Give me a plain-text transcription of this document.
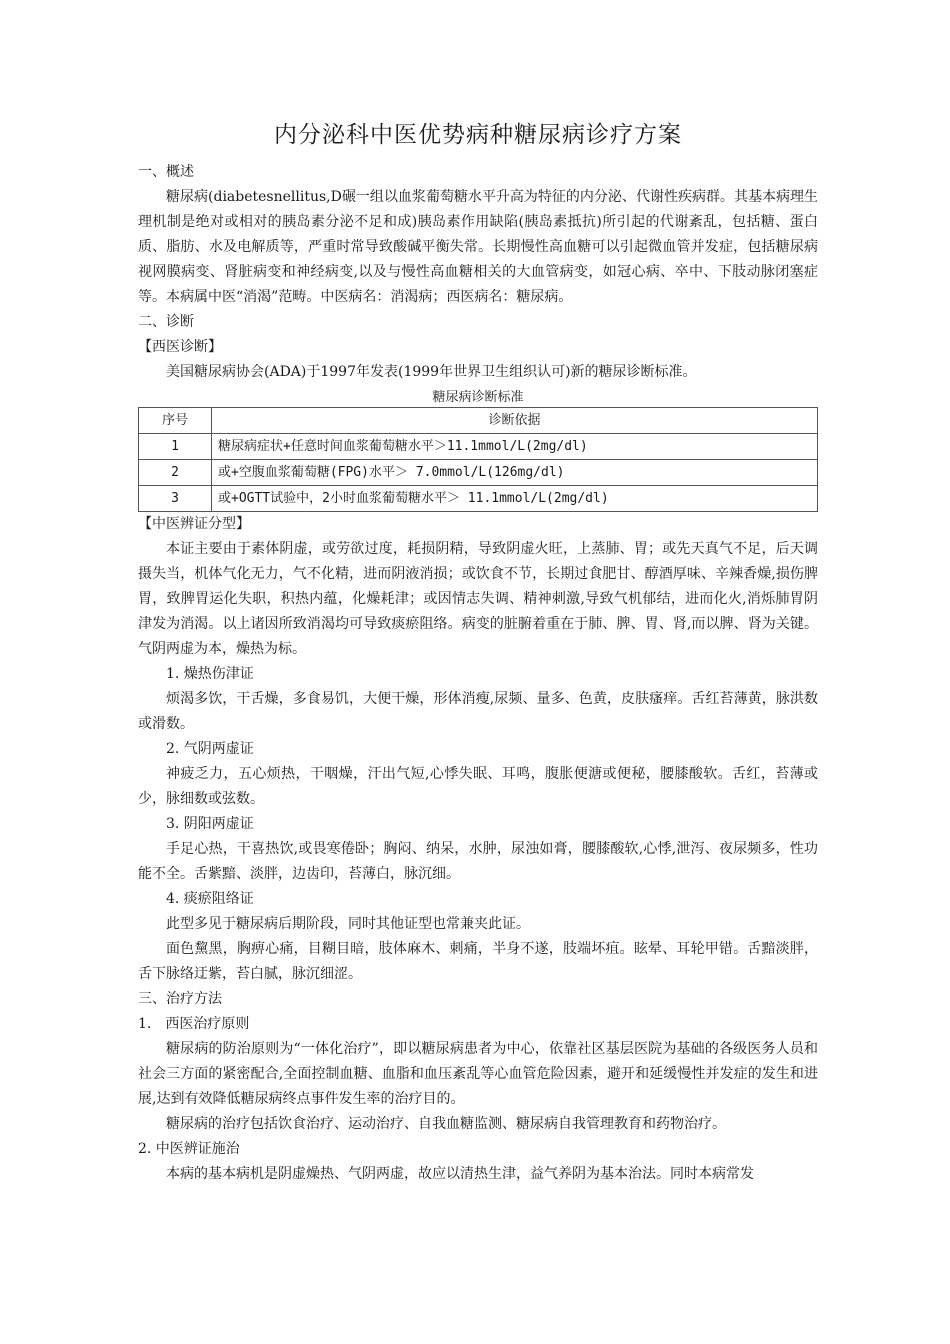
内分泌科中医优势病种糖尿病诊疗方案

一、概述

糖尿病(diabetesnellitus,D碾一组以血浆葡萄糖水平升高为特征的内分泌、代谢性疾病群。其基本病理生理机制是绝对或相对的胰岛素分泌不足和成)胰岛素作用缺陷(胰岛素抵抗)所引起的代谢紊乱，包括糖、蛋白质、脂肪、水及电解质等，严重时常导致酸碱平衡失常。长期慢性高血糖可以引起微血管并发症，包括糖尿病视网膜病变、肾脏病变和神经病变,以及与慢性高血糖相关的大血管病变，如冠心病、卒中、下肢动脉闭塞症等。本病属中医“消渴”范畴。中医病名：消渴病；西医病名：糖尿病。

二、诊断

【西医诊断】

美国糖尿病协会(ADA)于1997年发表(1999年世界卫生组织认可)新的糖尿诊断标准。

糖尿病诊断标准
序号	诊断依据
1	糖尿病症状+任意时间血浆葡萄糖水平＞11.1mmol/L(2mg/dl)
2	或+空腹血浆葡萄糖(FPG)水平＞ 7.0mmol/L(126mg/dl)
3	或+OGTT试验中，2小时血浆葡萄糖水平＞ 11.1mmol/L(2mg/dl)

【中医辨证分型】

本证主要由于素体阴虚，或劳欲过度，耗损阴精，导致阴虚火旺，上蒸肺、胃；或先天真气不足，后天调摄失当，机体气化无力，气不化精，进而阴液消损；或饮食不节，长期过食肥甘、醇酒厚味、辛辣香燥,损伤脾胃，致脾胃运化失职，积热内蕴，化燥耗津；或因情志失调、精神刺激,导致气机郁结，进而化火,消烁肺胃阴津发为消渴。以上诸因所致消渴均可导致痰瘀阻络。病变的脏腑着重在于肺、脾、胃、肾,而以脾、肾为关键。气阴两虚为本，燥热为标。

1. 燥热伤津证

烦渴多饮，干舌燥，多食易饥，大便干燥，形体消瘦,尿频、量多、色黄，皮肤瘙痒。舌红苔薄黄，脉洪数或滑数。

2. 气阴两虚证

神疲乏力，五心烦热，干咽燥，汗出气短,心悸失眠、耳鸣，腹胀便溏或便秘，腰膝酸软。舌红，苔薄或少，脉细数或弦数。

3. 阴阳两虚证

手足心热，干喜热饮,或畏寒倦卧；胸闷、纳呆，水肿，尿浊如膏，腰膝酸软,心悸,泄泻、夜尿频多，性功能不全。舌紫黯、淡胖，边齿印，苔薄白，脉沉细。

4. 痰瘀阻络证

此型多见于糖尿病后期阶段，同时其他证型也常兼夹此证。

面色黧黑，胸痹心痛，目糊目暗，肢体麻木、刺痛，半身不遂，肢端坏疽。眩晕、耳轮甲错。舌黯淡胖，舌下脉络迂紫，苔白腻，脉沉细涩。

三、治疗方法

1.　西医治疗原则

糖尿病的防治原则为“一体化治疗”，即以糖尿病患者为中心，依靠社区基层医院为基础的各级医务人员和社会三方面的紧密配合,全面控制血糖、血脂和血压紊乱等心血管危险因素，避开和延缓慢性并发症的发生和进展,达到有效降低糖尿病终点事件发生率的治疗目的。

糖尿病的治疗包括饮食治疗、运动治疗、自我血糖监测、糖尿病自我管理教育和药物治疗。

2. 中医辨证施治

本病的基本病机是阴虚燥热、气阴两虚，故应以清热生津，益气养阴为基本治法。同时本病常发
